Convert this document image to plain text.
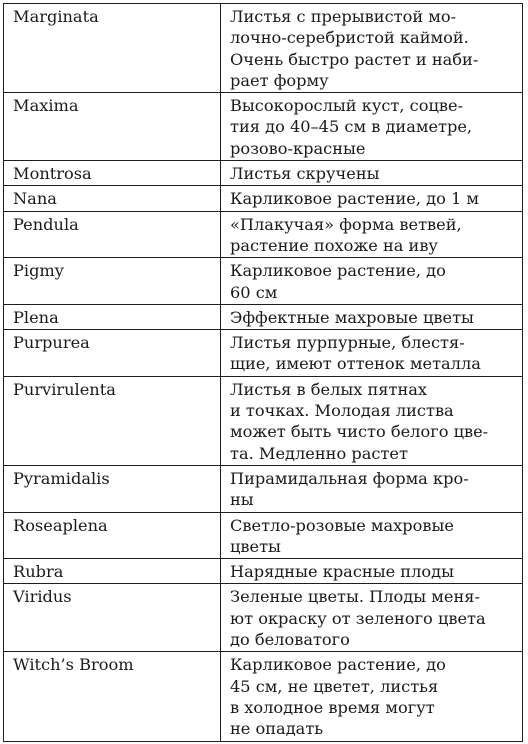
Marginata	Листья с прерывистой мо-
лочно-серебристой каймой.
Очень быстро растет и наби-
рает форму
Maxima	Высокорослый куст, соцве-
тия до 40–45 см в диаметре,
розово-красные
Montrosa	Листья скручены
Nana	Карликовое растение, до 1 м
Pendula	«Плакучая» форма ветвей,
растение похоже на иву
Pigmy	Карликовое растение, до
60 см
Plena	Эффектные махровые цветы
Purpurea	Листья пурпурные, блестя-
щие, имеют оттенок металла
Purvirulenta	Листья в белых пятнах
и точках. Молодая листва
может быть чисто белого цве-
та. Медленно растет
Pyramidalis	Пирамидальная форма кро-
ны
Roseaplena	Светло-розовые махровые
цветы
Rubra	Нарядные красные плоды
Viridus	Зеленые цветы. Плоды меня-
ют окраску от зеленого цвета
до беловатого
Witch’s Broom	Карликовое растение, до
45 см, не цветет, листья
в холодное время могут
не опадать
